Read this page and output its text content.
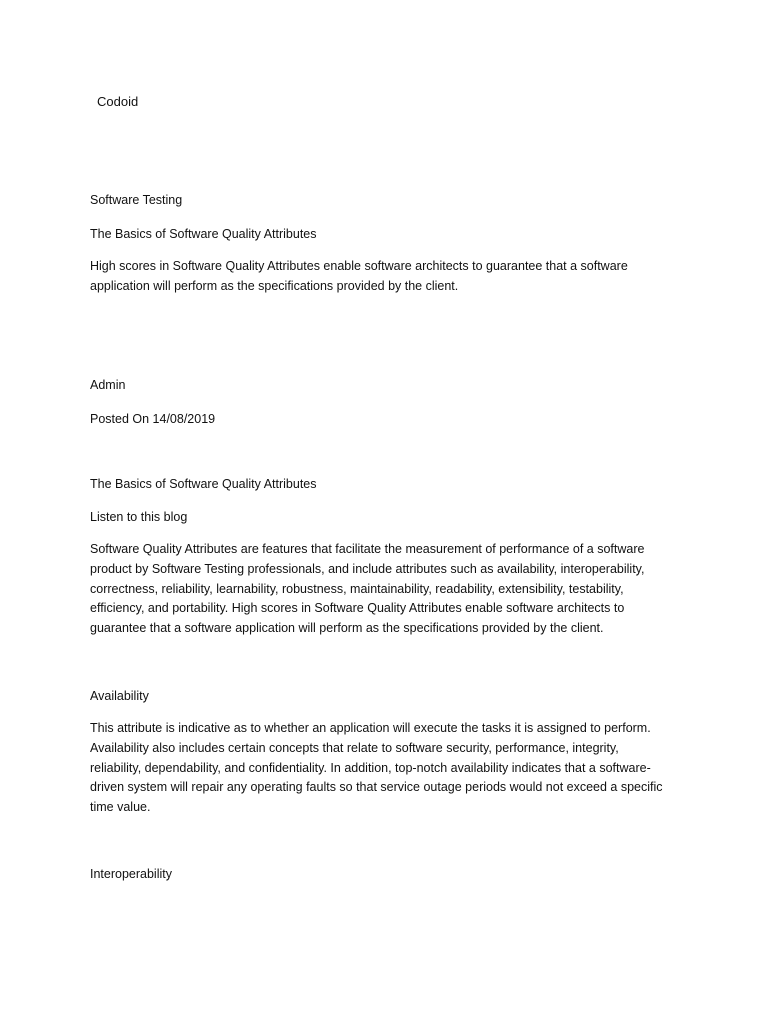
Codoid

Software Testing

The Basics of Software Quality Attributes

High scores in Software Quality Attributes enable software architects to guarantee that a software
application will perform as the specifications provided by the client.

Admin

Posted On 14/08/2019

The Basics of Software Quality Attributes

Listen to this blog

Software Quality Attributes are features that facilitate the measurement of performance of a software
product by Software Testing professionals, and include attributes such as availability, interoperability,
correctness, reliability, learnability, robustness, maintainability, readability, extensibility, testability,
efficiency, and portability. High scores in Software Quality Attributes enable software architects to
guarantee that a software application will perform as the specifications provided by the client.

Availability

This attribute is indicative as to whether an application will execute the tasks it is assigned to perform.
Availability also includes certain concepts that relate to software security, performance, integrity,
reliability, dependability, and confidentiality. In addition, top-notch availability indicates that a software-
driven system will repair any operating faults so that service outage periods would not exceed a specific
time value.

Interoperability
